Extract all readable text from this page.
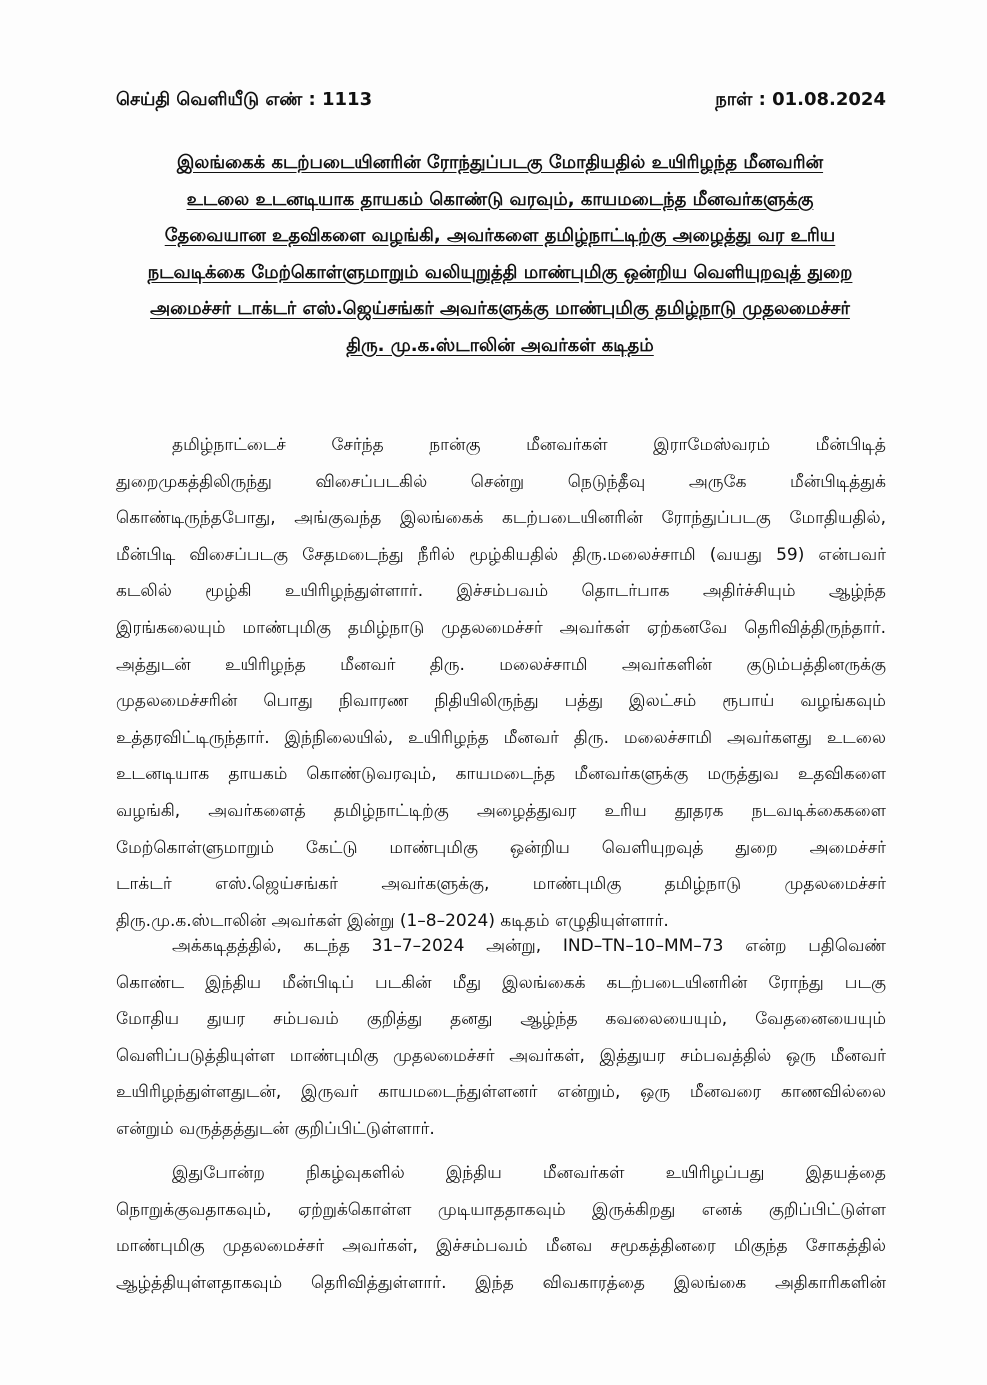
செய்தி வெளியீடு எண் : 1113	நாள் : 01.08.2024
இலங்கைக் கடற்படையினரின் ரோந்துப்படகு மோதியதில் உயிரிழந்த மீனவரின்
உடலை உடனடியாக தாயகம் கொண்டு வரவும், காயமடைந்த மீனவர்களுக்கு
தேவையான உதவிகளை வழங்கி, அவர்களை தமிழ்நாட்டிற்கு அழைத்து வர உரிய
நடவடிக்கை மேற்கொள்ளுமாறும் வலியுறுத்தி மாண்புமிகு ஒன்றிய வெளியுறவுத் துறை
அமைச்சர் டாக்டர் எஸ்.ஜெய்சங்கர் அவர்களுக்கு மாண்புமிகு தமிழ்நாடு முதலமைச்சர்
திரு. மு.க.ஸ்டாலின் அவர்கள் கடிதம்
தமிழ்நாட்டைச் சேர்ந்த நான்கு மீனவர்கள் இராமேஸ்வரம் மீன்பிடித்
துறைமுகத்திலிருந்து விசைப்படகில் சென்று நெடுந்தீவு அருகே மீன்பிடித்துக்
கொண்டிருந்தபோது, அங்குவந்த இலங்கைக் கடற்படையினரின் ரோந்துப்படகு மோதியதில்,
மீன்பிடி விசைப்படகு சேதமடைந்து நீரில் மூழ்கியதில் திரு.மலைச்சாமி (வயது 59) என்பவர்
கடலில் மூழ்கி உயிரிழந்துள்ளார். இச்சம்பவம் தொடர்பாக அதிர்ச்சியும் ஆழ்ந்த
இரங்கலையும் மாண்புமிகு தமிழ்நாடு முதலமைச்சர் அவர்கள் ஏற்கனவே தெரிவித்திருந்தார்.
அத்துடன் உயிரிழந்த மீனவர் திரு. மலைச்சாமி அவர்களின் குடும்பத்தினருக்கு
முதலமைச்சரின் பொது நிவாரண நிதியிலிருந்து பத்து இலட்சம் ரூபாய் வழங்கவும்
உத்தரவிட்டிருந்தார். இந்நிலையில், உயிரிழந்த மீனவர் திரு. மலைச்சாமி அவர்களது உடலை
உடனடியாக தாயகம் கொண்டுவரவும், காயமடைந்த மீனவர்களுக்கு மருத்துவ உதவிகளை
வழங்கி, அவர்களைத் தமிழ்நாட்டிற்கு அழைத்துவர உரிய தூதரக நடவடிக்கைகளை
மேற்கொள்ளுமாறும் கேட்டு மாண்புமிகு ஒன்றிய வெளியுறவுத் துறை அமைச்சர்
டாக்டர் எஸ்.ஜெய்சங்கர் அவர்களுக்கு, மாண்புமிகு தமிழ்நாடு முதலமைச்சர்
திரு.மு.க.ஸ்டாலின் அவர்கள் இன்று (1–8–2024) கடிதம் எழுதியுள்ளார்.
அக்கடிதத்தில், கடந்த 31–7–2024 அன்று, IND–TN–10–MM–73 என்ற பதிவெண்
கொண்ட இந்திய மீன்பிடிப் படகின் மீது இலங்கைக் கடற்படையினரின் ரோந்து படகு
மோதிய துயர சம்பவம் குறித்து தனது ஆழ்ந்த கவலையையும், வேதனையையும்
வெளிப்படுத்தியுள்ள மாண்புமிகு முதலமைச்சர் அவர்கள், இத்துயர சம்பவத்தில் ஒரு மீனவர்
உயிரிழந்துள்ளதுடன், இருவர் காயமடைந்துள்ளனர் என்றும், ஒரு மீனவரை காணவில்லை
என்றும் வருத்தத்துடன் குறிப்பிட்டுள்ளார்.
இதுபோன்ற நிகழ்வுகளில் இந்திய மீனவர்கள் உயிரிழப்பது இதயத்தை
நொறுக்குவதாகவும், ஏற்றுக்கொள்ள முடியாததாகவும் இருக்கிறது எனக் குறிப்பிட்டுள்ள
மாண்புமிகு முதலமைச்சர் அவர்கள், இச்சம்பவம் மீனவ சமூகத்தினரை மிகுந்த சோகத்தில்
ஆழ்த்தியுள்ளதாகவும் தெரிவித்துள்ளார். இந்த விவகாரத்தை இலங்கை அதிகாரிகளின்
